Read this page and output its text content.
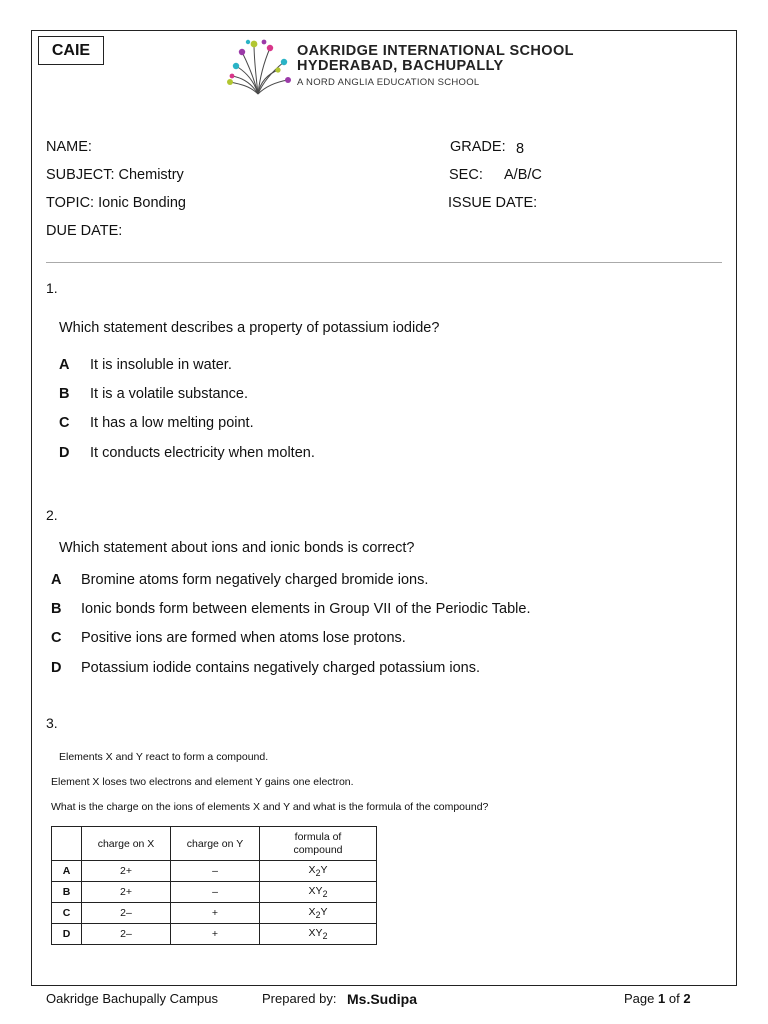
CAIE	OAKRIDGE INTERNATIONAL SCHOOL
HYDERABAD, BACHUPALLY
A NORD ANGLIA EDUCATION SCHOOL
NAME:
SUBJECT: Chemistry
TOPIC: Ionic Bonding
DUE DATE:
GRADE: 8
SEC: A/B/C
ISSUE DATE:
1.
Which statement describes a property of potassium iodide?
A It is insoluble in water.
B It is a volatile substance.
C It has a low melting point.
D It conducts electricity when molten.
2.
Which statement about ions and ionic bonds is correct?
A Bromine atoms form negatively charged bromide ions.
B Ionic bonds form between elements in Group VII of the Periodic Table.
C Positive ions are formed when atoms lose protons.
D Potassium iodide contains negatively charged potassium ions.
3.
Elements X and Y react to form a compound.
Element X loses two electrons and element Y gains one electron.
What is the charge on the ions of elements X and Y and what is the formula of the compound?
	charge on X	charge on Y	formula of compound
A	2+	–	$X_2Y$
B	2+	–	$XY_2$
C	2–	+	$X_2Y$
D	2–	+	$XY_2$
Oakridge Bachupally Campus	Prepared by: Ms.Sudipa	Page 1 of 2
